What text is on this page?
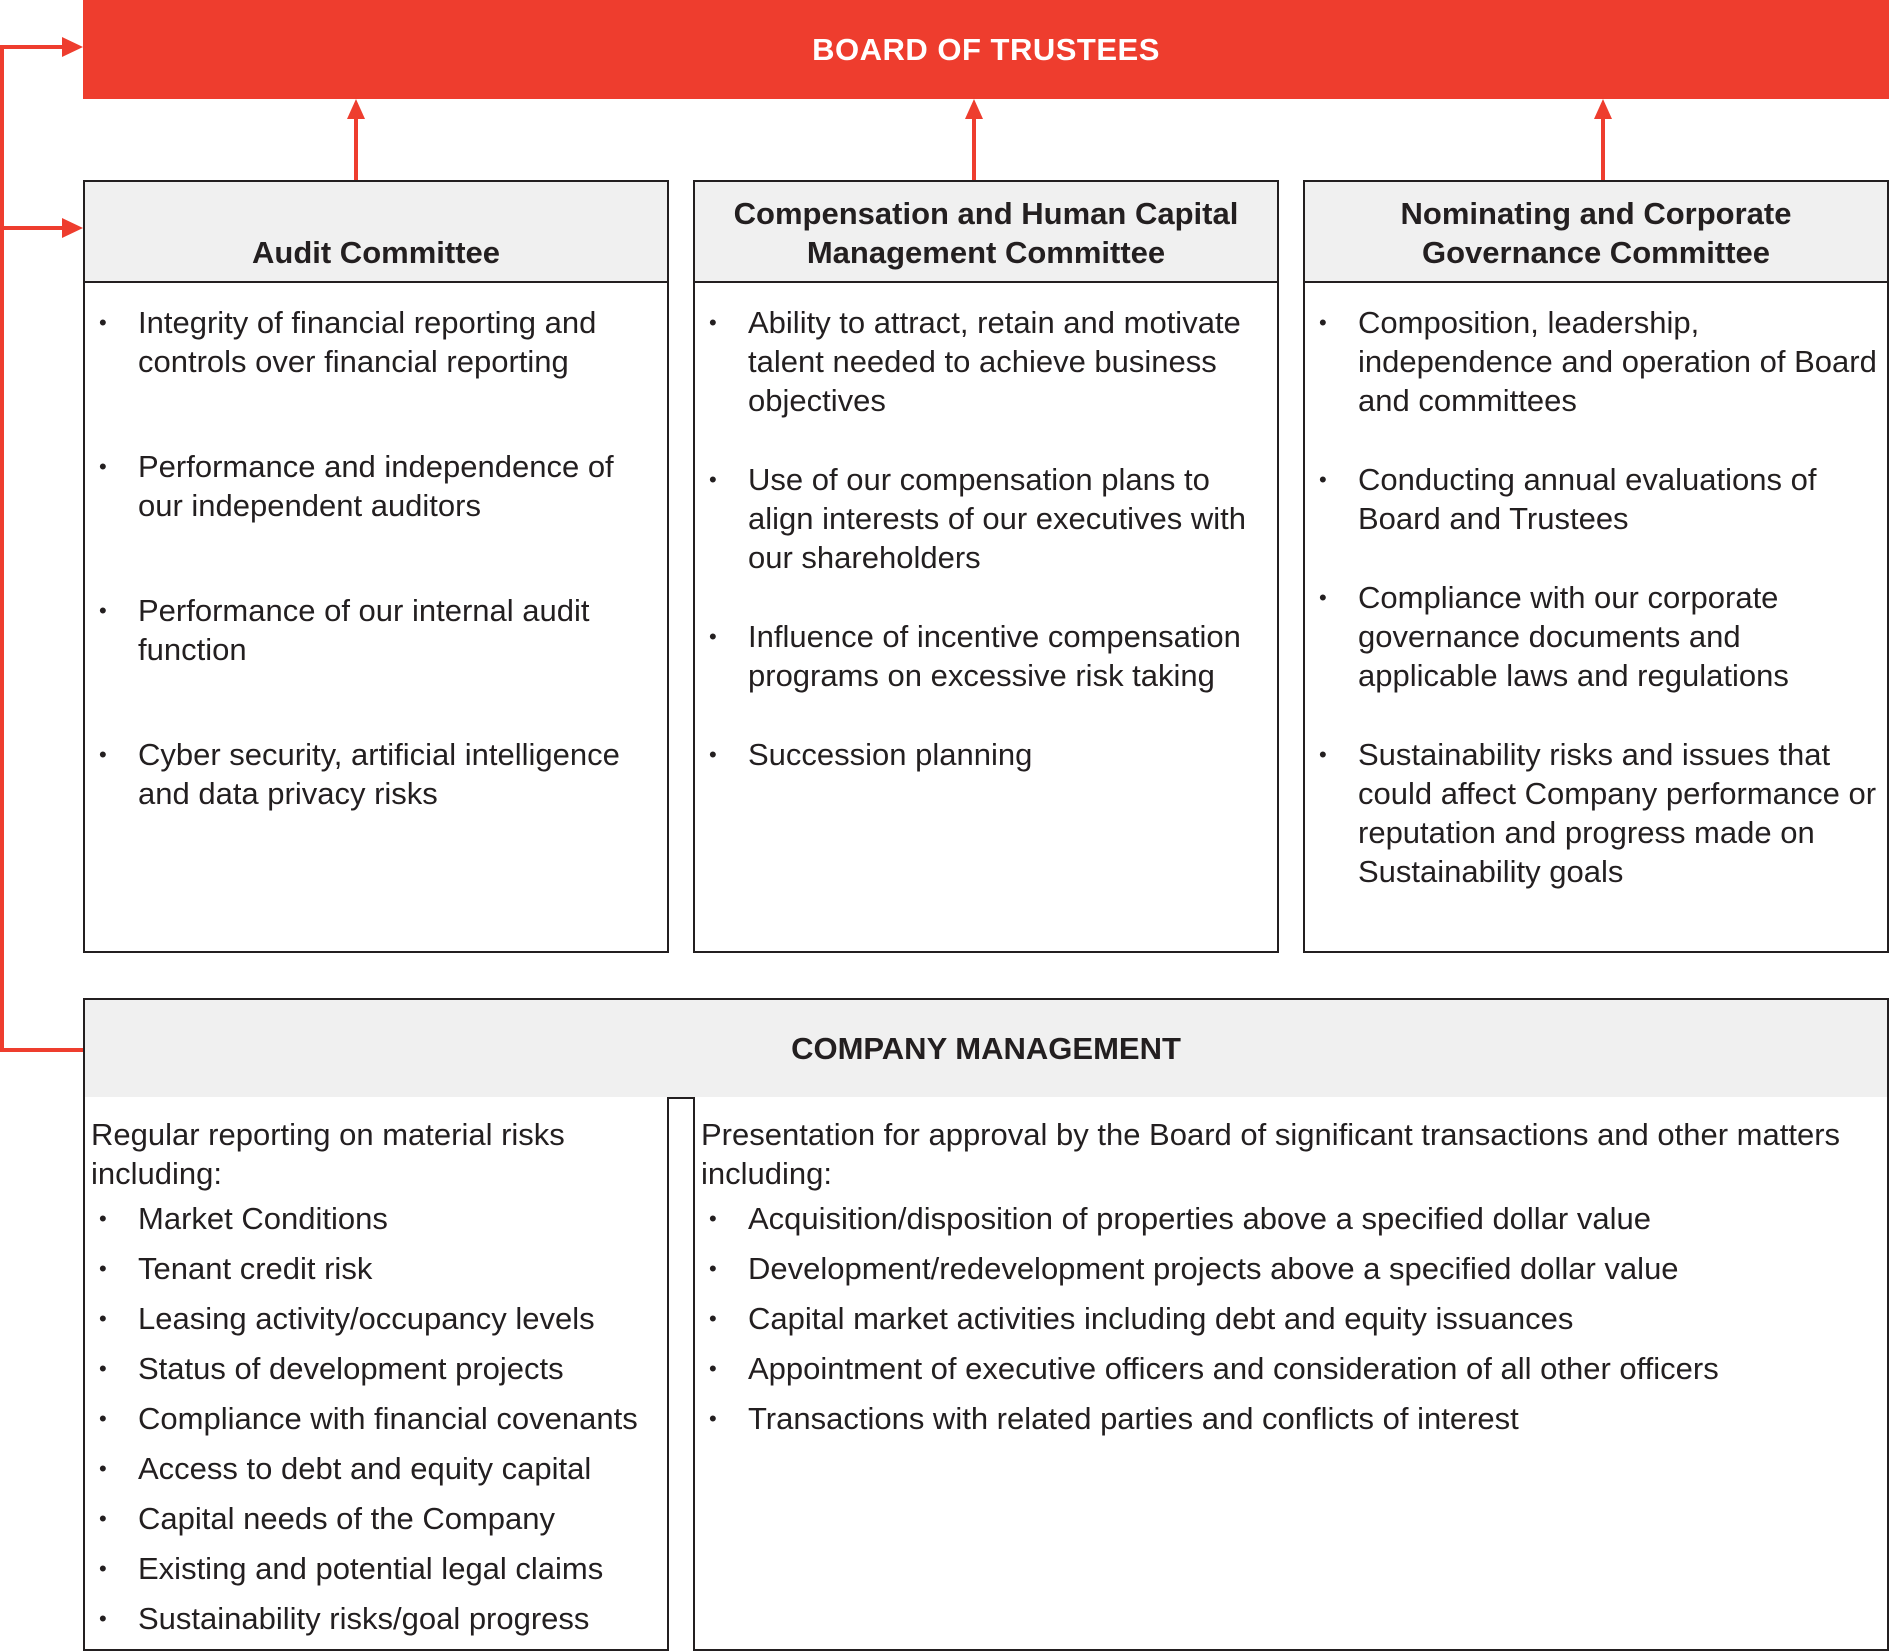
BOARD OF TRUSTEES
Audit Committee
• Integrity of financial reporting and controls over financial reporting
• Performance and independence of our independent auditors
• Performance of our internal audit function
• Cyber security, artificial intelligence and data privacy risks
Compensation and Human Capital Management Committee
• Ability to attract, retain and motivate talent needed to achieve business objectives
• Use of our compensation plans to align interests of our executives with our shareholders
• Influence of incentive compensation programs on excessive risk taking
• Succession planning
Nominating and Corporate Governance Committee
• Composition, leadership, independence and operation of Board and committees
• Conducting annual evaluations of Board and Trustees
• Compliance with our corporate governance documents and applicable laws and regulations
• Sustainability risks and issues that could affect Company performance or reputation and progress made on Sustainability goals
COMPANY MANAGEMENT
Regular reporting on material risks including:
• Market Conditions
• Tenant credit risk
• Leasing activity/occupancy levels
• Status of development projects
• Compliance with financial covenants
• Access to debt and equity capital
• Capital needs of the Company
• Existing and potential legal claims
• Sustainability risks/goal progress
Presentation for approval by the Board of significant transactions and other matters including:
• Acquisition/disposition of properties above a specified dollar value
• Development/redevelopment projects above a specified dollar value
• Capital market activities including debt and equity issuances
• Appointment of executive officers and consideration of all other officers
• Transactions with related parties and conflicts of interest
